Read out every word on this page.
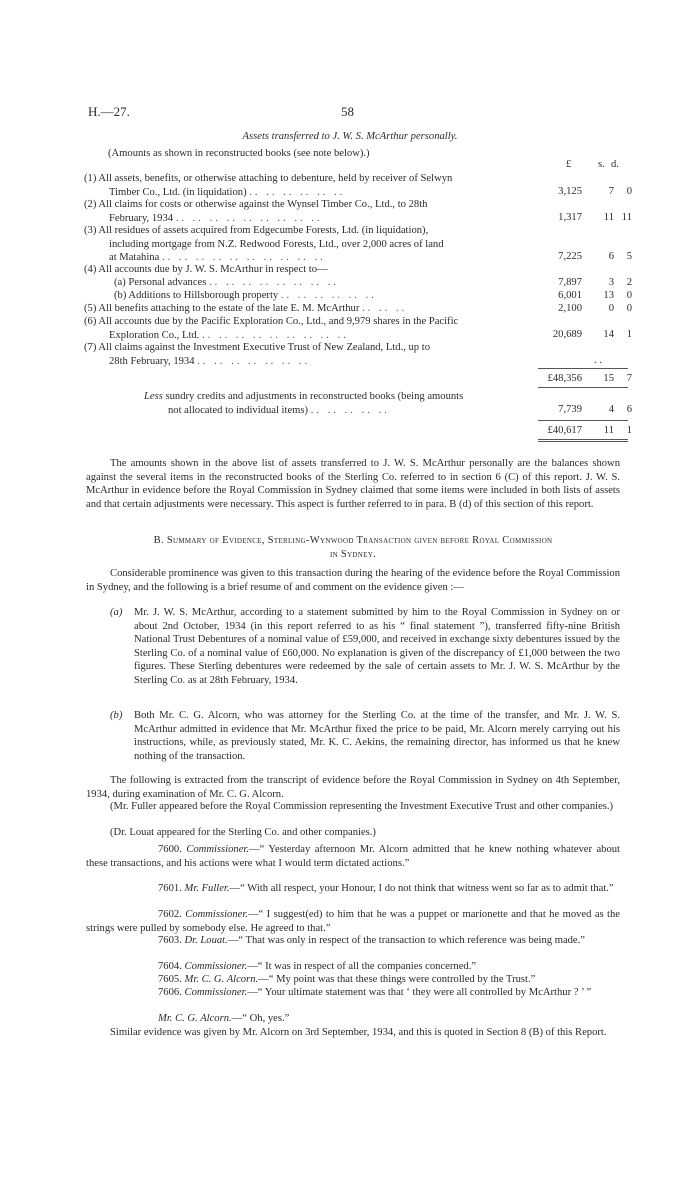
H.—27.	58
Assets transferred to J. W. S. McArthur personally.
(Amounts as shown in reconstructed books (see note below).)
£	s. d.
(1) All assets, benefits, or otherwise attaching to debenture, held by receiver of Selwyn
Timber Co., Ltd. (in liquidation) .. .. .. .. .. ..	3,125	7 0
(2) All claims for costs or otherwise against the Wynsel Timber Co., Ltd., to 28th
February, 1934 .. .. .. .. .. .. .. .. ..	1,317 11 11
(3) All residues of assets acquired from Edgecumbe Forests, Ltd. (in liquidation),
including mortgage from N.Z. Redwood Forests, Ltd., over 2,000 acres of land
at Matahina .. .. .. .. .. .. .. .. .. ..	7,225	6 5
(4) All accounts due by J. W. S. McArthur in respect to—
(a) Personal advances .. .. .. .. .. .. .. ..	7,897	3 2
(b) Additions to Hillsborough property .. .. .. .. .. ..	6,001 13 0
(5) All benefits attaching to the estate of the late E. M. McArthur .. .. ..	2,100	0 0
(6) All accounts due by the Pacific Exploration Co., Ltd., and 9,979 shares in the Pacific
Exploration Co., Ltd. .. .. .. .. .. .. .. .. ..	20,689 14 1
(7) All claims against the Investment Executive Trust of New Zealand, Ltd., up to
28th February, 1934 .. .. .. .. .. .. ..	. .
£48,356 15 7
Less sundry credits and adjustments in reconstructed books (being amounts
not allocated to individual items) .. .. .. .. ..	7,739	4 6
£40,617 11 1
The amounts shown in the above list of assets transferred to J. W. S. McArthur personally are the balances shown against the several items in the reconstructed books of the Sterling Co. referred to in section 6 (C) of this report. J. W. S. McArthur in evidence before the Royal Commission in Sydney claimed that some items were included in both lists of assets and that certain adjustments were necessary. This aspect is further referred to in para. B (d) of this section of this report.
B. Summary of Evidence, Sterling-Wynwood Transaction given before Royal Commission
in Sydney.
Considerable prominence was given to this transaction during the hearing of the evidence before the Royal Commission in Sydney, and the following is a brief resume of and comment on the evidence given :—
(a) Mr. J. W. S. McArthur, according to a statement submitted by him to the Royal Commission in Sydney on or about 2nd October, 1934 (in this report referred to as his “ final statement ”), transferred fifty-nine British National Trust Debentures of a nominal value of £59,000, and received in exchange sixty debentures issued by the Sterling Co. of a nominal value of £60,000. No explanation is given of the discrepancy of £1,000 between the two figures. These Sterling debentures were redeemed by the sale of certain assets to Mr. J. W. S. McArthur by the Sterling Co. as at 28th February, 1934.
(b) Both Mr. C. G. Alcorn, who was attorney for the Sterling Co. at the time of the transfer, and Mr. J. W. S. McArthur admitted in evidence that Mr. McArthur fixed the price to be paid, Mr. Alcorn merely carrying out his instructions, while, as previously stated, Mr. K. C. Aekins, the remaining director, has informed us that he knew nothing of the transaction.
The following is extracted from the transcript of evidence before the Royal Commission in Sydney on 4th September, 1934, during examination of Mr. C. G. Alcorn.
(Mr. Fuller appeared before the Royal Commission representing the Investment Executive Trust and other companies.)
(Dr. Louat appeared for the Sterling Co. and other companies.)
7600. Commissioner.—“ Yesterday afternoon Mr. Alcorn admitted that he knew nothing whatever about these transactions, and his actions were what I would term dictated actions.”
7601. Mr. Fuller.—“ With all respect, your Honour, I do not think that witness went so far as to admit that.”
7602. Commissioner.—“ I suggest(ed) to him that he was a puppet or marionette and that he moved as the strings were pulled by somebody else. He agreed to that.”
7603. Dr. Louat.—“ That was only in respect of the transaction to which reference was being made.”
7604. Commissioner.—“ It was in respect of all the companies concerned.”
7605. Mr. C. G. Alcorn.—“ My point was that these things were controlled by the Trust.”
7606. Commissioner.—“ Your ultimate statement was that ‘ they were all controlled by McArthur ? ’ ”
Mr. C. G. Alcorn.—“ Oh, yes.”
Similar evidence was given by Mr. Alcorn on 3rd September, 1934, and this is quoted in Section 8 (B) of this Report.
